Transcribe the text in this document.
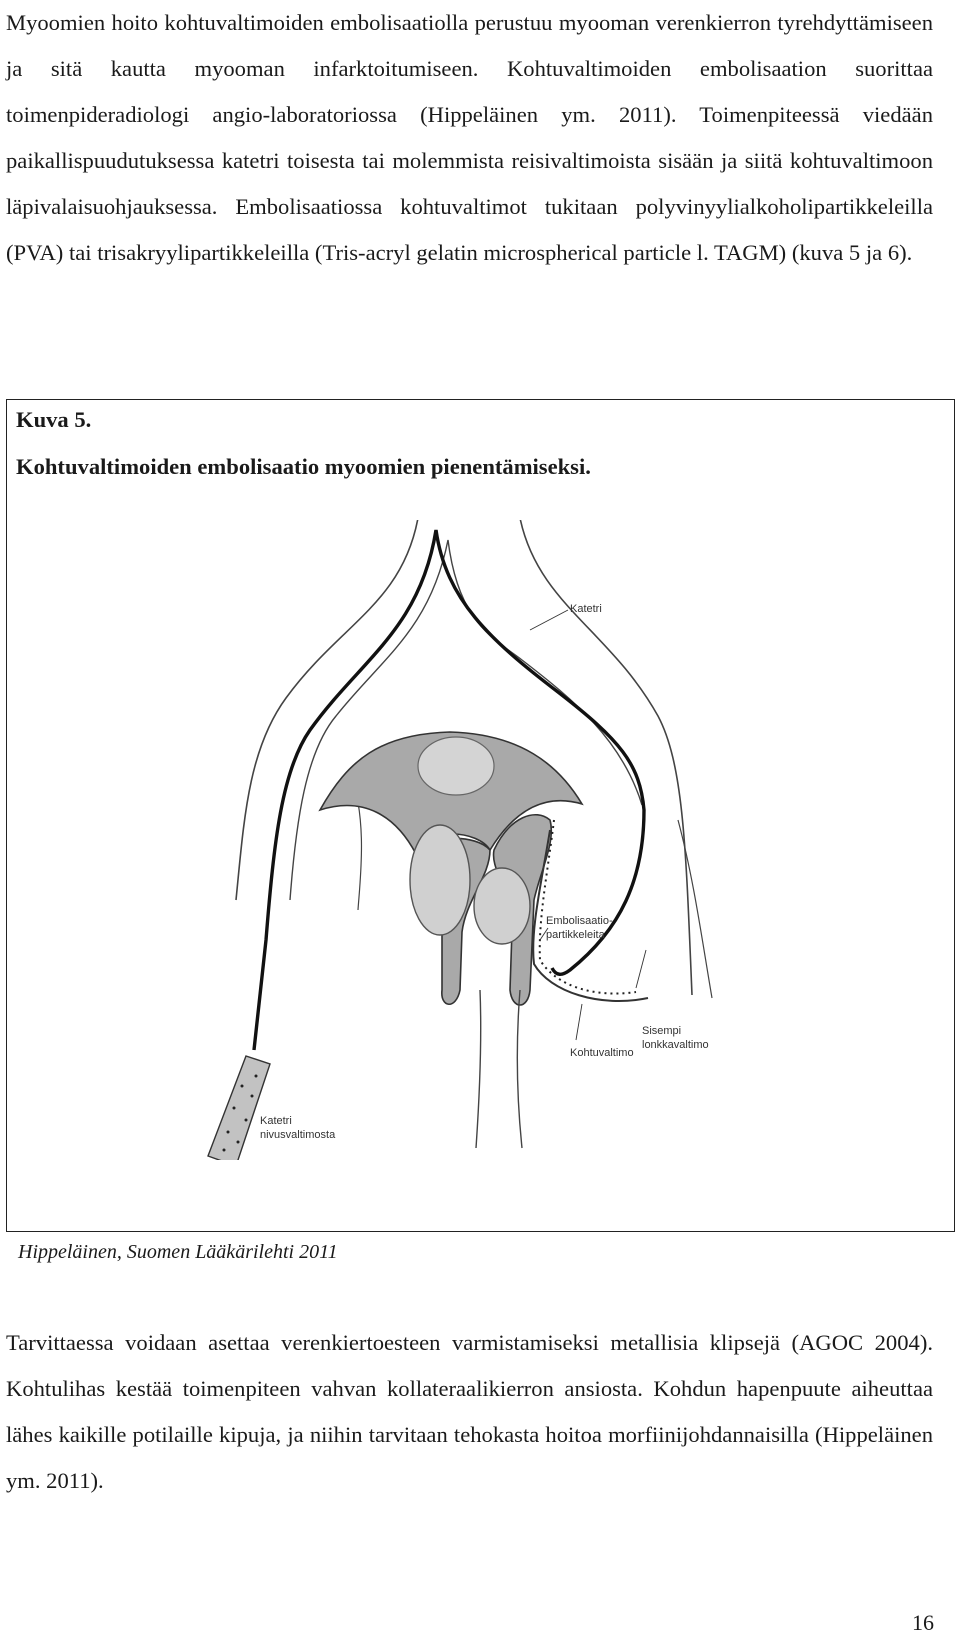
Myoomien hoito kohtuvaltimoiden embolisaatiolla perustuu myooman verenkierron tyrehdyttämiseen ja sitä kautta myooman infarktoitumiseen. Kohtuvaltimoiden embolisaation suorittaa toimenpideradiologi angio-laboratoriossa (Hippeläinen ym. 2011). Toimenpiteessä viedään paikallispuudutuksessa katetri toisesta tai molemmista reisivaltimoista sisään ja siitä kohtuvaltimoon läpivalaisuohjauksessa. Embolisaatiossa kohtuvaltimot tukitaan polyvinyylialkoholipartikkeleilla (PVA) tai trisakryylipartikkeleilla (Tris-acryl gelatin microspherical particle l. TAGM) (kuva 5 ja 6).

Kuva 5.

Kohtuvaltimoiden embolisaatio myoomien pienentämiseksi.

Katetri
Embolisaatio-
partikkeleita
Sisempi
lonkkavaltimo
Kohtuvaltimo
Katetri
nivusvaltimosta

Hippeläinen, Suomen Lääkärilehti 2011

Tarvittaessa voidaan asettaa verenkiertoesteen varmistamiseksi metallisia klipsejä (AGOC 2004). Kohtulihas kestää toimenpiteen vahvan kollateraalikierron ansiosta. Kohdun hapenpuute aiheuttaa lähes kaikille potilaille kipuja, ja niihin tarvitaan tehokasta hoitoa morfiinijohdannaisilla (Hippeläinen ym. 2011).

16
